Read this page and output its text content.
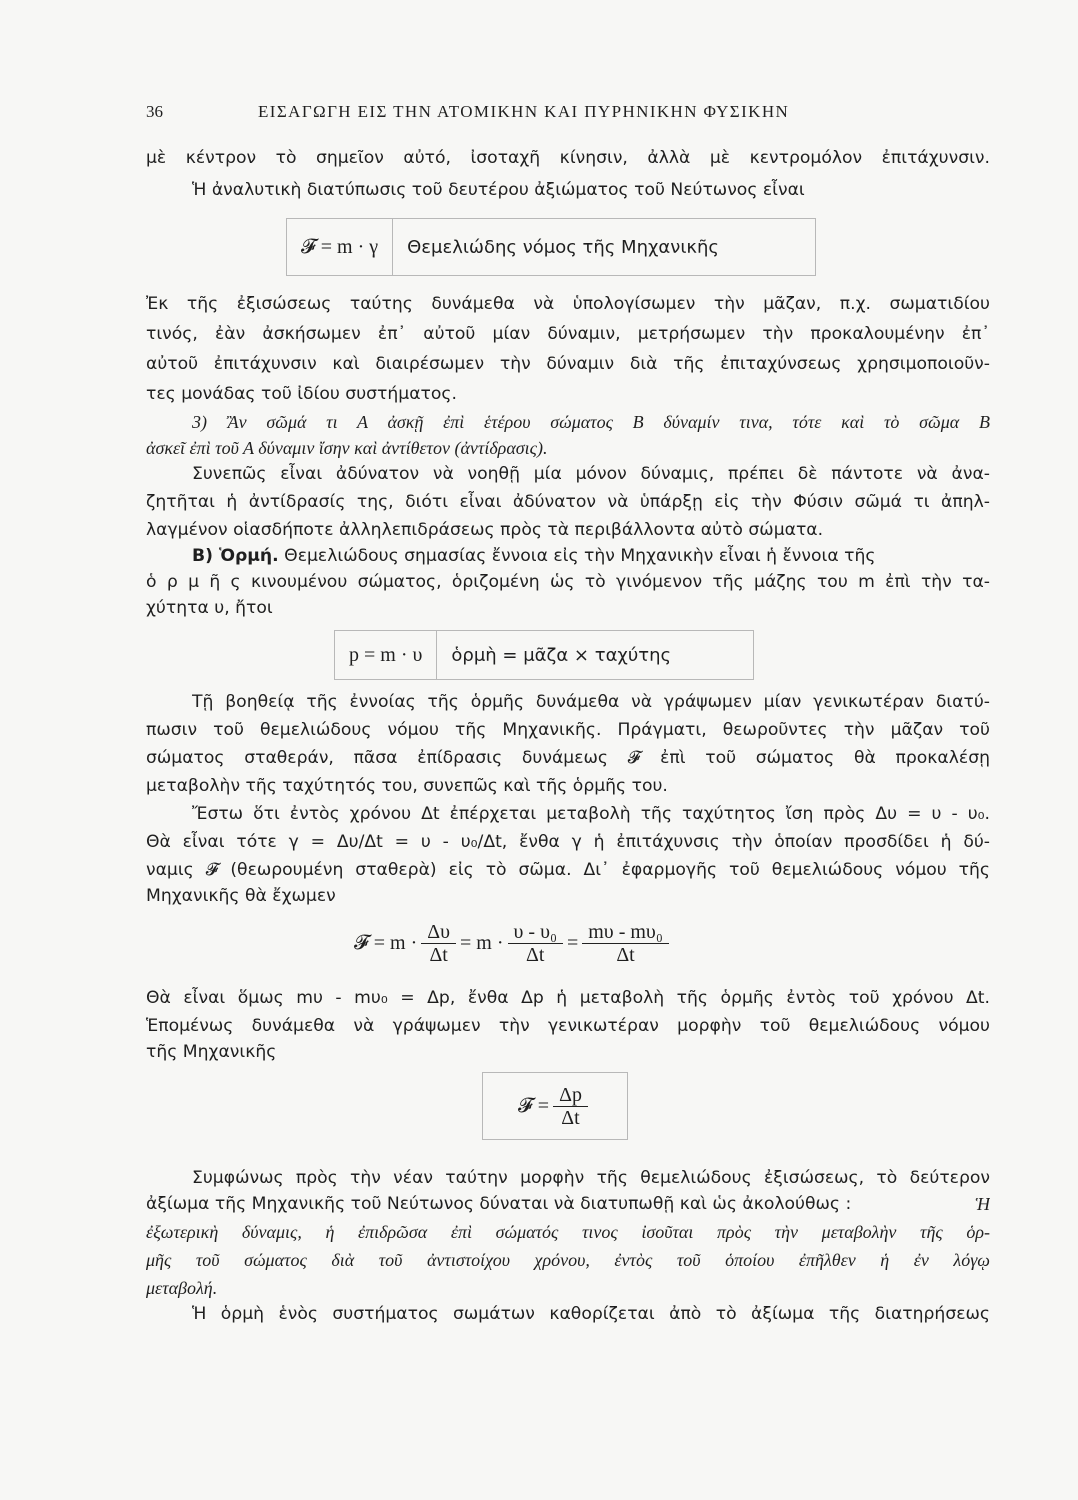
36	ΕΙΣΑΓΩΓΗ ΕΙΣ ΤΗΝ ΑΤΟΜΙΚΗΝ ΚΑΙ ΠΥΡΗΝΙΚΗΝ ΦΥΣΙΚΗΝ
μὲ κέντρον τὸ σημεῖον αὐτό, ἰσοταχῆ κίνησιν, ἀλλὰ μὲ κεντρομόλον ἐπιτάχυνσιν.
Ἡ ἀναλυτικὴ διατύπωσις τοῦ δευτέρου ἀξιώματος τοῦ Νεύτωνος εἶναι
𝓕 = m · γ	Θεμελιώδης νόμος τῆς Μηχανικῆς
Ἐκ τῆς ἐξισώσεως ταύτης δυνάμεθα νὰ ὑπολογίσωμεν τὴν μᾶζαν, π.χ. σωματιδίου
τινός, ἐὰν ἀσκήσωμεν ἐπ᾽ αὐτοῦ μίαν δύναμιν, μετρήσωμεν τὴν προκαλουμένην ἐπ᾽
αὐτοῦ ἐπιτάχυνσιν καὶ διαιρέσωμεν τὴν δύναμιν διὰ τῆς ἐπιταχύνσεως χρησιμοποιοῦν-
τες μονάδας τοῦ ἰδίου συστήματος.
3) Ἂν σῶμά τι Α ἀσκῇ ἐπὶ ἑτέρου σώματος Β δύναμίν τινα, τότε καὶ τὸ σῶμα Β
ἀσκεῖ ἐπὶ τοῦ Α δύναμιν ἴσην καὶ ἀντίθετον (ἀντίδρασις).
Συνεπῶς εἶναι ἀδύνατον νὰ νοηθῇ μία μόνον δύναμις, πρέπει δὲ πάντοτε νὰ ἀνα-
ζητῆται ἡ ἀντίδρασίς της, διότι εἶναι ἀδύνατον νὰ ὑπάρξῃ εἰς τὴν Φύσιν σῶμά τι ἀπηλ-
λαγμένον οἱασδήποτε ἀλληλεπιδράσεως πρὸς τὰ περιβάλλοντα αὐτὸ σώματα.
Β) Ὁρμή. Θεμελιώδους σημασίας ἔννοια εἰς τὴν Μηχανικὴν εἶναι ἡ ἔννοια τῆς
ὁ ρ μ ῆ ς κινουμένου σώματος, ὁριζομένη ὡς τὸ γινόμενον τῆς μάζης του m ἐπὶ τὴν τα-
χύτητα υ, ἤτοι
p = m · υ	ὁρμὴ = μᾶζα × ταχύτης
Τῇ βοηθείᾳ τῆς ἐννοίας τῆς ὁρμῆς δυνάμεθα νὰ γράψωμεν μίαν γενικωτέραν διατύ-
πωσιν τοῦ θεμελιώδους νόμου τῆς Μηχανικῆς. Πράγματι, θεωροῦντες τὴν μᾶζαν τοῦ
σώματος σταθεράν, πᾶσα ἐπίδρασις δυνάμεως 𝓕 ἐπὶ τοῦ σώματος θὰ προκαλέσῃ
μεταβολὴν τῆς ταχύτητός του, συνεπῶς καὶ τῆς ὁρμῆς του.
Ἔστω ὅτι ἐντὸς χρόνου Δt ἐπέρχεται μεταβολὴ τῆς ταχύτητος ἴση πρὸς Δυ = υ - υ₀.
Θὰ εἶναι τότε γ = Δυ/Δt = υ - υ₀/Δt, ἔνθα γ ἡ ἐπιτάχυνσις τὴν ὁποίαν προσδίδει ἡ δύ-
ναμις 𝓕 (θεωρουμένη σταθερὰ) εἰς τὸ σῶμα. Δι᾽ ἐφαρμογῆς τοῦ θεμελιώδους νόμου τῆς
Μηχανικῆς θὰ ἔχωμεν
𝓕 = $m \cdot \frac{\Delta\upsilon}{\Delta t} = m \cdot \frac{\text{υ - υ₀}}{\Delta t} = \frac{\text{mυ - mυ₀}}{\Delta t}$
Θὰ εἶναι ὅμως mυ - mυ₀ = Δp, ἔνθα Δp ἡ μεταβολὴ τῆς ὁρμῆς ἐντὸς τοῦ χρόνου Δt.
Ἑπομένως δυνάμεθα νὰ γράψωμεν τὴν γενικωτέραν μορφὴν τοῦ θεμελιώδους νόμου
τῆς Μηχανικῆς
𝓕 = $\frac{\Delta p}{\Delta t}$
Συμφώνως πρὸς τὴν νέαν ταύτην μορφὴν τῆς θεμελιώδους ἐξισώσεως, τὸ δεύτερον
ἀξίωμα τῆς Μηχανικῆς τοῦ Νεύτωνος δύναται νὰ διατυπωθῇ καὶ ὡς ἀκολούθως :	Ἡ
ἐξωτερικὴ δύναμις, ἡ ἐπιδρῶσα ἐπὶ σώματός τινος ἰσοῦται πρὸς τὴν μεταβολὴν τῆς ὁρ-
μῆς τοῦ σώματος διὰ τοῦ ἀντιστοίχου χρόνου, ἐντὸς τοῦ ὁποίου ἐπῆλθεν ἡ ἐν λόγῳ
μεταβολή.
Ἡ ὁρμὴ ἑνὸς συστήματος σωμάτων καθορίζεται ἀπὸ τὸ ἀξίωμα τῆς διατηρήσεως
